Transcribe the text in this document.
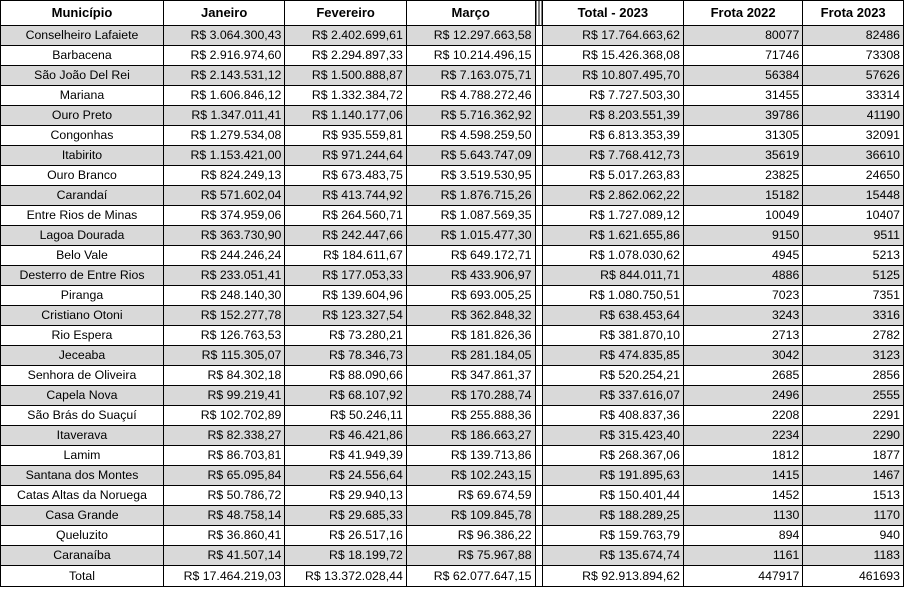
Município	Janeiro	Fevereiro	Março		Total - 2023	Frota 2022	Frota 2023
Conselheiro Lafaiete	R$ 3.064.300,43	R$ 2.402.699,61	R$ 12.297.663,58		R$ 17.764.663,62	80077	82486
Barbacena	R$ 2.916.974,60	R$ 2.294.897,33	R$ 10.214.496,15		R$ 15.426.368,08	71746	73308
São João Del Rei	R$ 2.143.531,12	R$ 1.500.888,87	R$ 7.163.075,71		R$ 10.807.495,70	56384	57626
Mariana	R$ 1.606.846,12	R$ 1.332.384,72	R$ 4.788.272,46		R$ 7.727.503,30	31455	33314
Ouro Preto	R$ 1.347.011,41	R$ 1.140.177,06	R$ 5.716.362,92		R$ 8.203.551,39	39786	41190
Congonhas	R$ 1.279.534,08	R$ 935.559,81	R$ 4.598.259,50		R$ 6.813.353,39	31305	32091
Itabirito	R$ 1.153.421,00	R$ 971.244,64	R$ 5.643.747,09		R$ 7.768.412,73	35619	36610
Ouro Branco	R$ 824.249,13	R$ 673.483,75	R$ 3.519.530,95		R$ 5.017.263,83	23825	24650
Carandaí	R$ 571.602,04	R$ 413.744,92	R$ 1.876.715,26		R$ 2.862.062,22	15182	15448
Entre Rios de Minas	R$ 374.959,06	R$ 264.560,71	R$ 1.087.569,35		R$ 1.727.089,12	10049	10407
Lagoa Dourada	R$ 363.730,90	R$ 242.447,66	R$ 1.015.477,30		R$ 1.621.655,86	9150	9511
Belo Vale	R$ 244.246,24	R$ 184.611,67	R$ 649.172,71		R$ 1.078.030,62	4945	5213
Desterro de Entre Rios	R$ 233.051,41	R$ 177.053,33	R$ 433.906,97		R$ 844.011,71	4886	5125
Piranga	R$ 248.140,30	R$ 139.604,96	R$ 693.005,25		R$ 1.080.750,51	7023	7351
Cristiano Otoni	R$ 152.277,78	R$ 123.327,54	R$ 362.848,32		R$ 638.453,64	3243	3316
Rio Espera	R$ 126.763,53	R$ 73.280,21	R$ 181.826,36		R$ 381.870,10	2713	2782
Jeceaba	R$ 115.305,07	R$ 78.346,73	R$ 281.184,05		R$ 474.835,85	3042	3123
Senhora de Oliveira	R$ 84.302,18	R$ 88.090,66	R$ 347.861,37		R$ 520.254,21	2685	2856
Capela Nova	R$ 99.219,41	R$ 68.107,92	R$ 170.288,74		R$ 337.616,07	2496	2555
São Brás do Suaçuí	R$ 102.702,89	R$ 50.246,11	R$ 255.888,36		R$ 408.837,36	2208	2291
Itaverava	R$ 82.338,27	R$ 46.421,86	R$ 186.663,27		R$ 315.423,40	2234	2290
Lamim	R$ 86.703,81	R$ 41.949,39	R$ 139.713,86		R$ 268.367,06	1812	1877
Santana dos Montes	R$ 65.095,84	R$ 24.556,64	R$ 102.243,15		R$ 191.895,63	1415	1467
Catas Altas da Noruega	R$ 50.786,72	R$ 29.940,13	R$ 69.674,59		R$ 150.401,44	1452	1513
Casa Grande	R$ 48.758,14	R$ 29.685,33	R$ 109.845,78		R$ 188.289,25	1130	1170
Queluzito	R$ 36.860,41	R$ 26.517,16	R$ 96.386,22		R$ 159.763,79	894	940
Caranaíba	R$ 41.507,14	R$ 18.199,72	R$ 75.967,88		R$ 135.674,74	1161	1183
Total	R$ 17.464.219,03	R$ 13.372.028,44	R$ 62.077.647,15		R$ 92.913.894,62	447917	461693
